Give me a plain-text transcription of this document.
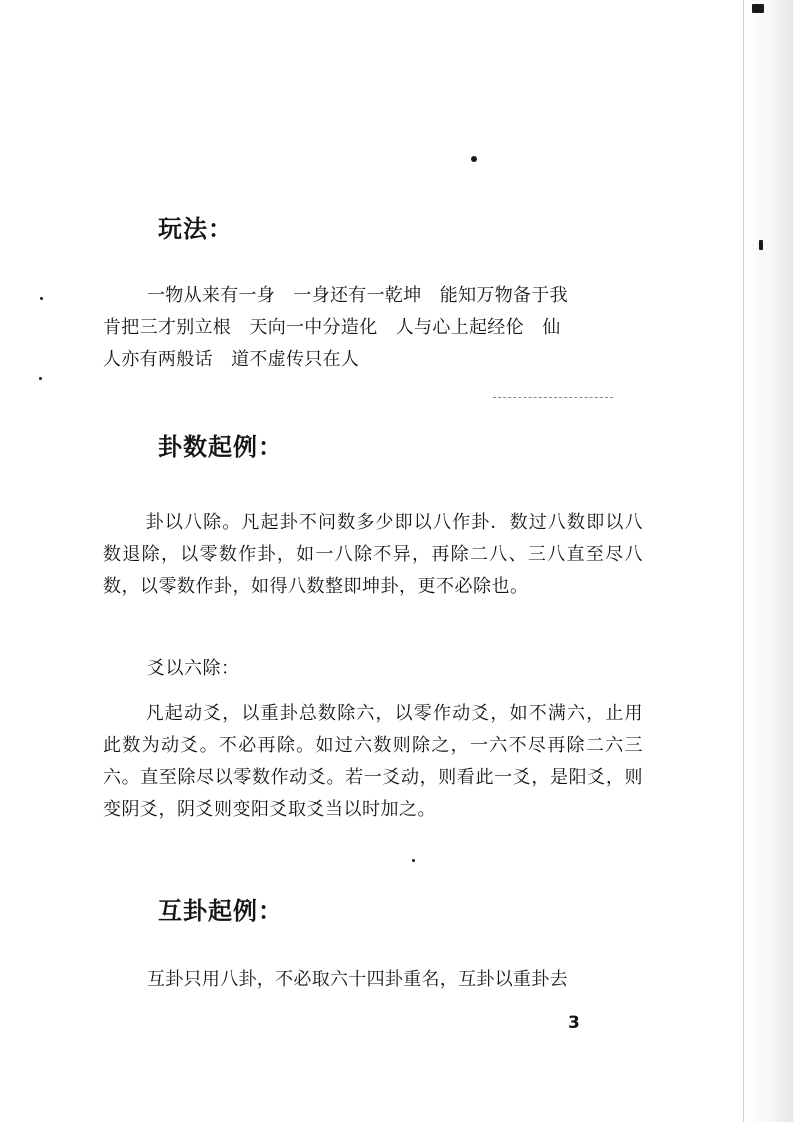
玩法：
一物从来有一身　一身还有一乾坤　能知万物备于我
肯把三才别立根　天向一中分造化　人与心上起经伦　仙
人亦有两般话　道不虚传只在人
卦数起例：
卦以八除。凡起卦不问数多少即以八作卦．数过八数即以八数退除，以零数作卦，如一八除不异，再除二八、三八直至尽八数，以零数作卦，如得八数整即坤卦，更不必除也。
爻以六除：
凡起动爻，以重卦总数除六，以零作动爻，如不满六，止用此数为动爻。不必再除。如过六数则除之，一六不尽再除二六三六。直至除尽以零数作动爻。若一爻动，则看此一爻，是阳爻，则变阴爻，阴爻则变阳爻取爻当以时加之。
互卦起例：
互卦只用八卦，不必取六十四卦重名，互卦以重卦去
3
